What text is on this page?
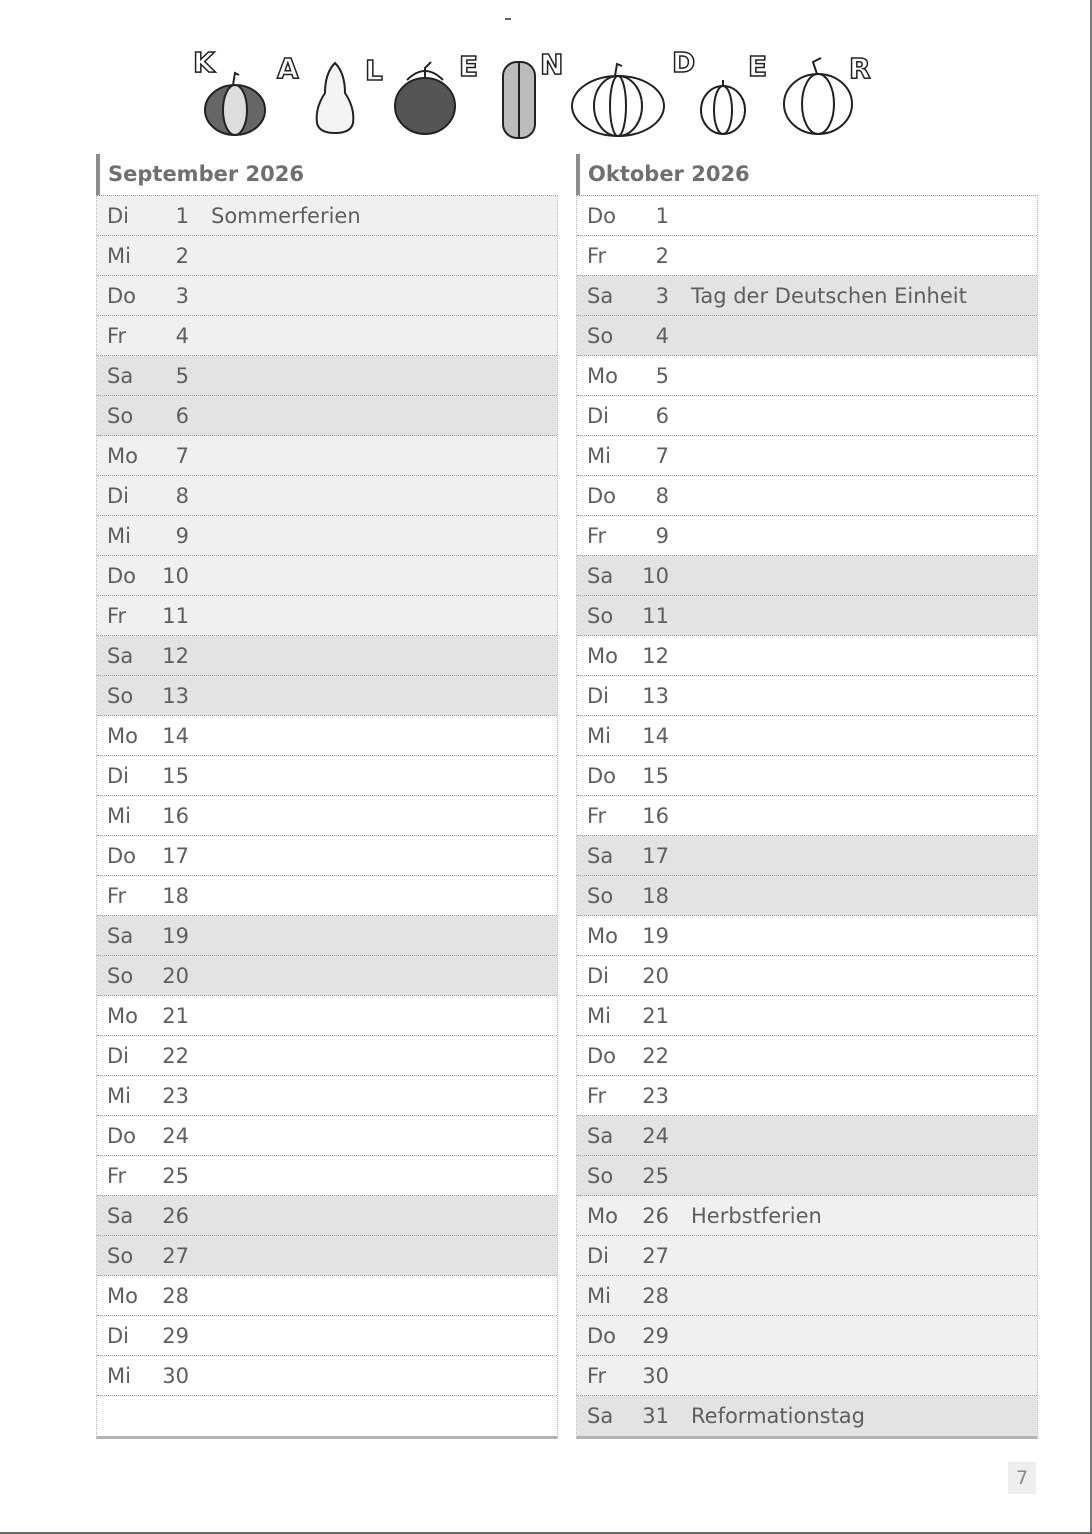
K A L	E N	D E	R
September 2026
Di	1	Sommerferien
Mi	2
Do	3
Fr	4
Sa	5
So	6
Mo	7
Di	8
Mi	9
Do	10
Fr	11
Sa	12
So	13
Mo	14
Di	15
Mi	16
Do	17
Fr	18
Sa	19
So	20
Mo	21
Di	22
Mi	23
Do	24
Fr	25
Sa	26
So	27
Mo	28
Di	29
Mi	30
Oktober 2026
Do	1
Fr	2
Sa	3	Tag der Deutschen Einheit
So	4
Mo	5
Di	6
Mi	7
Do	8
Fr	9
Sa	10
So	11
Mo	12
Di	13
Mi	14
Do	15
Fr	16
Sa	17
So	18
Mo	19
Di	20
Mi	21
Do	22
Fr	23
Sa	24
So	25
Mo	26	Herbstferien
Di	27
Mi	28
Do	29
Fr	30
Sa	31	Reformationstag
7
